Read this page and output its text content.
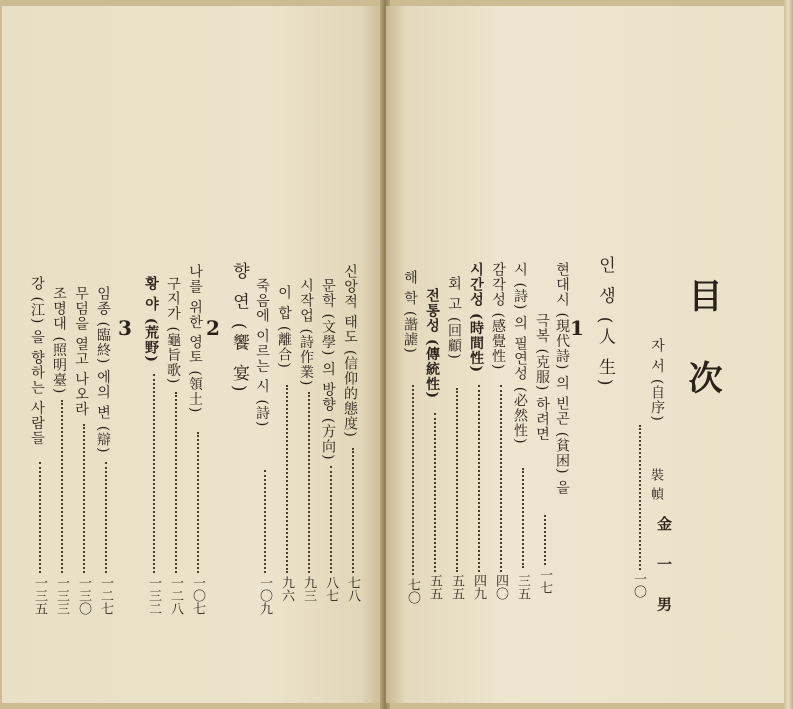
目 次
자 서 (自序)
一〇
裝 幀
金 一 男
인 생 (人 生)
1
현대시 (現代詩) 의 빈곤 (貧困) 을
극복 (克服) 하려면
一七
시 (詩) 의 필연성 (必然性)
三五
감각성 (感覺性)
四〇
시간성 (時間性)
四九
회 고 (回顧)
五五
전통성 (傳統性)
五五
해 학 (諧謔)
七〇
신앙적 태도 (信仰的態度)
七八
문학 (文學) 의 방향 (方向)
八七
시작업 (詩作業)
九三
이 합 (離合)
九六
죽음에 이르는 시 (詩)
一〇九
향 연 (饗 宴)
2
나를 위한 영토 (領土)
一〇七
구지가 (龜旨歌)
一二八
황 야 (荒野)
一三二
3
임종 (臨終) 에의 변 (辯)
一二七
무덤을 열고 나오라
一三〇
조명대 (照明臺)
一三三
강 (江) 을 향하는 사람들
一三五
